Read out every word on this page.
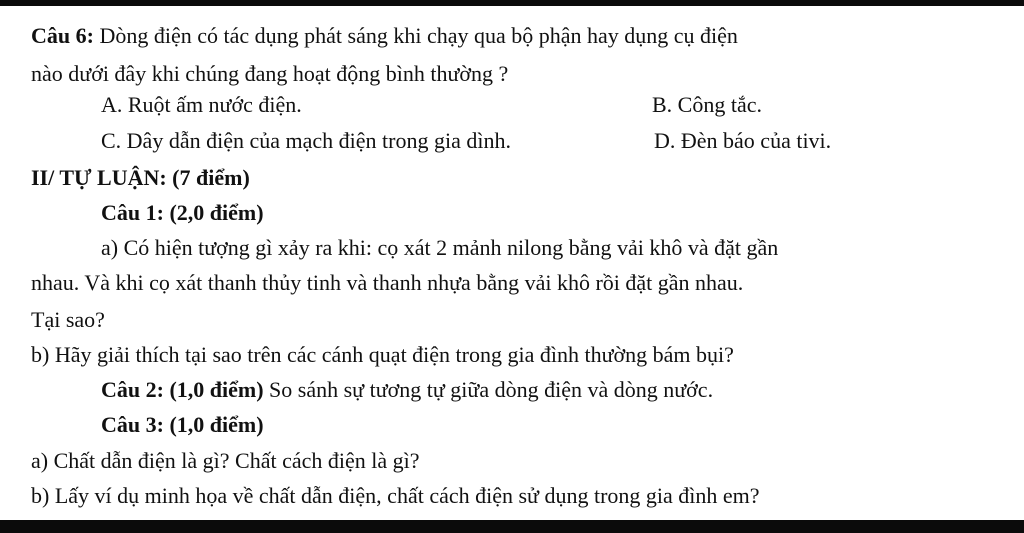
Câu 6: Dòng điện có tác dụng phát sáng khi chạy qua bộ phận hay dụng cụ điện
nào dưới đây khi chúng đang hoạt động bình thường ?
A. Ruột ấm nước điện.	B. Công tắc.
C. Dây dẫn điện của mạch điện trong gia dình.	D. Đèn báo của tivi.
II/ TỰ LUẬN: (7 điểm)
Câu 1: (2,0 điểm)
a) Có hiện tượng gì xảy ra khi: cọ xát 2 mảnh nilong bằng vải khô và đặt gần
nhau. Và khi cọ xát thanh thủy tinh và thanh nhựa bằng vải khô rồi đặt gần nhau.
Tại sao?
b) Hãy giải thích tại sao trên các cánh quạt điện trong gia đình thường bám bụi?
Câu 2: (1,0 điểm) So sánh sự tương tự giữa dòng điện và dòng nước.
Câu 3: (1,0 điểm)
a) Chất dẫn điện là gì? Chất cách điện là gì?
b) Lấy ví dụ minh họa về chất dẫn điện, chất cách điện sử dụng trong gia đình em?
